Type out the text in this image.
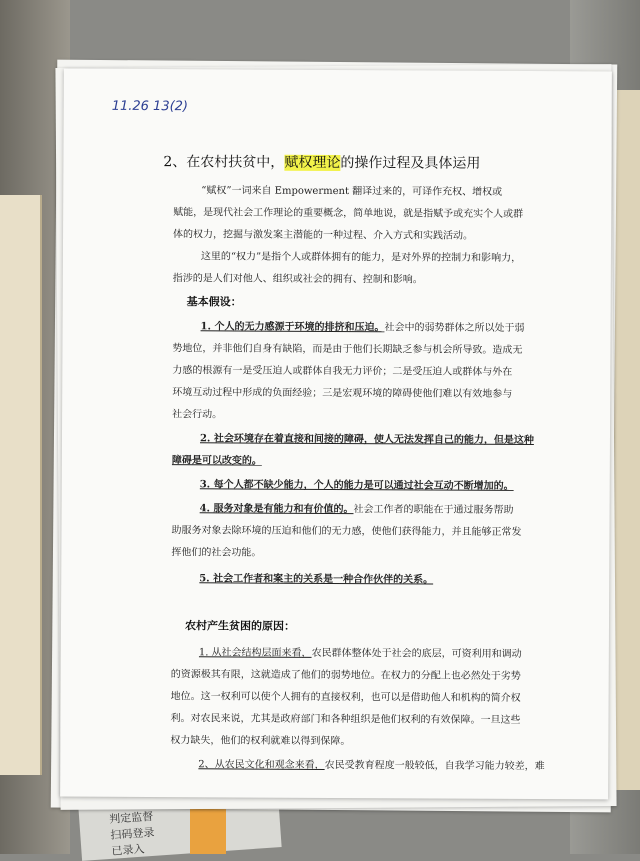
判定监督
扫码登录
已录入
11.26 13(2)
2、在农村扶贫中，赋权理论的操作过程及具体运用
“赋权”一词来自 Empowerment 翻译过来的，可译作充权、增权或
赋能，是现代社会工作理论的重要概念，简单地说，就是指赋予或充实个人或群
体的权力，挖掘与激发案主潜能的一种过程、介入方式和实践活动。
这里的“权力”是指个人或群体拥有的能力，是对外界的控制力和影响力，
指涉的是人们对他人、组织或社会的拥有、控制和影响。
基本假设：
1. 个人的无力感源于环境的排挤和压迫。社会中的弱势群体之所以处于弱
势地位，并非他们自身有缺陷，而是由于他们长期缺乏参与机会所导致。造成无
力感的根源有一是受压迫人或群体自我无力评价；二是受压迫人或群体与外在
环境互动过程中形成的负面经验；三是宏观环境的障碍使他们难以有效地参与
社会行动。
2. 社会环境存在着直接和间接的障碍，使人无法发挥自己的能力，但是这种
障碍是可以改变的。
3. 每个人都不缺少能力，个人的能力是可以通过社会互动不断增加的。
4. 服务对象是有能力和有价值的。社会工作者的职能在于通过服务帮助
助服务对象去除环境的压迫和他们的无力感，使他们获得能力，并且能够正常发
挥他们的社会功能。
5. 社会工作者和案主的关系是一种合作伙伴的关系。
农村产生贫困的原因：
1. 从社会结构层面来看，农民群体整体处于社会的底层，可资利用和调动
的资源极其有限，这就造成了他们的弱势地位。在权力的分配上也必然处于劣势
地位。这一权利可以使个人拥有的直接权利，也可以是借助他人和机构的简介权
利。对农民来说，尤其是政府部门和各种组织是他们权利的有效保障。一旦这些
权力缺失，他们的权利就难以得到保障。
2、从农民文化和观念来看，农民受教育程度一般较低，自我学习能力较差，难
